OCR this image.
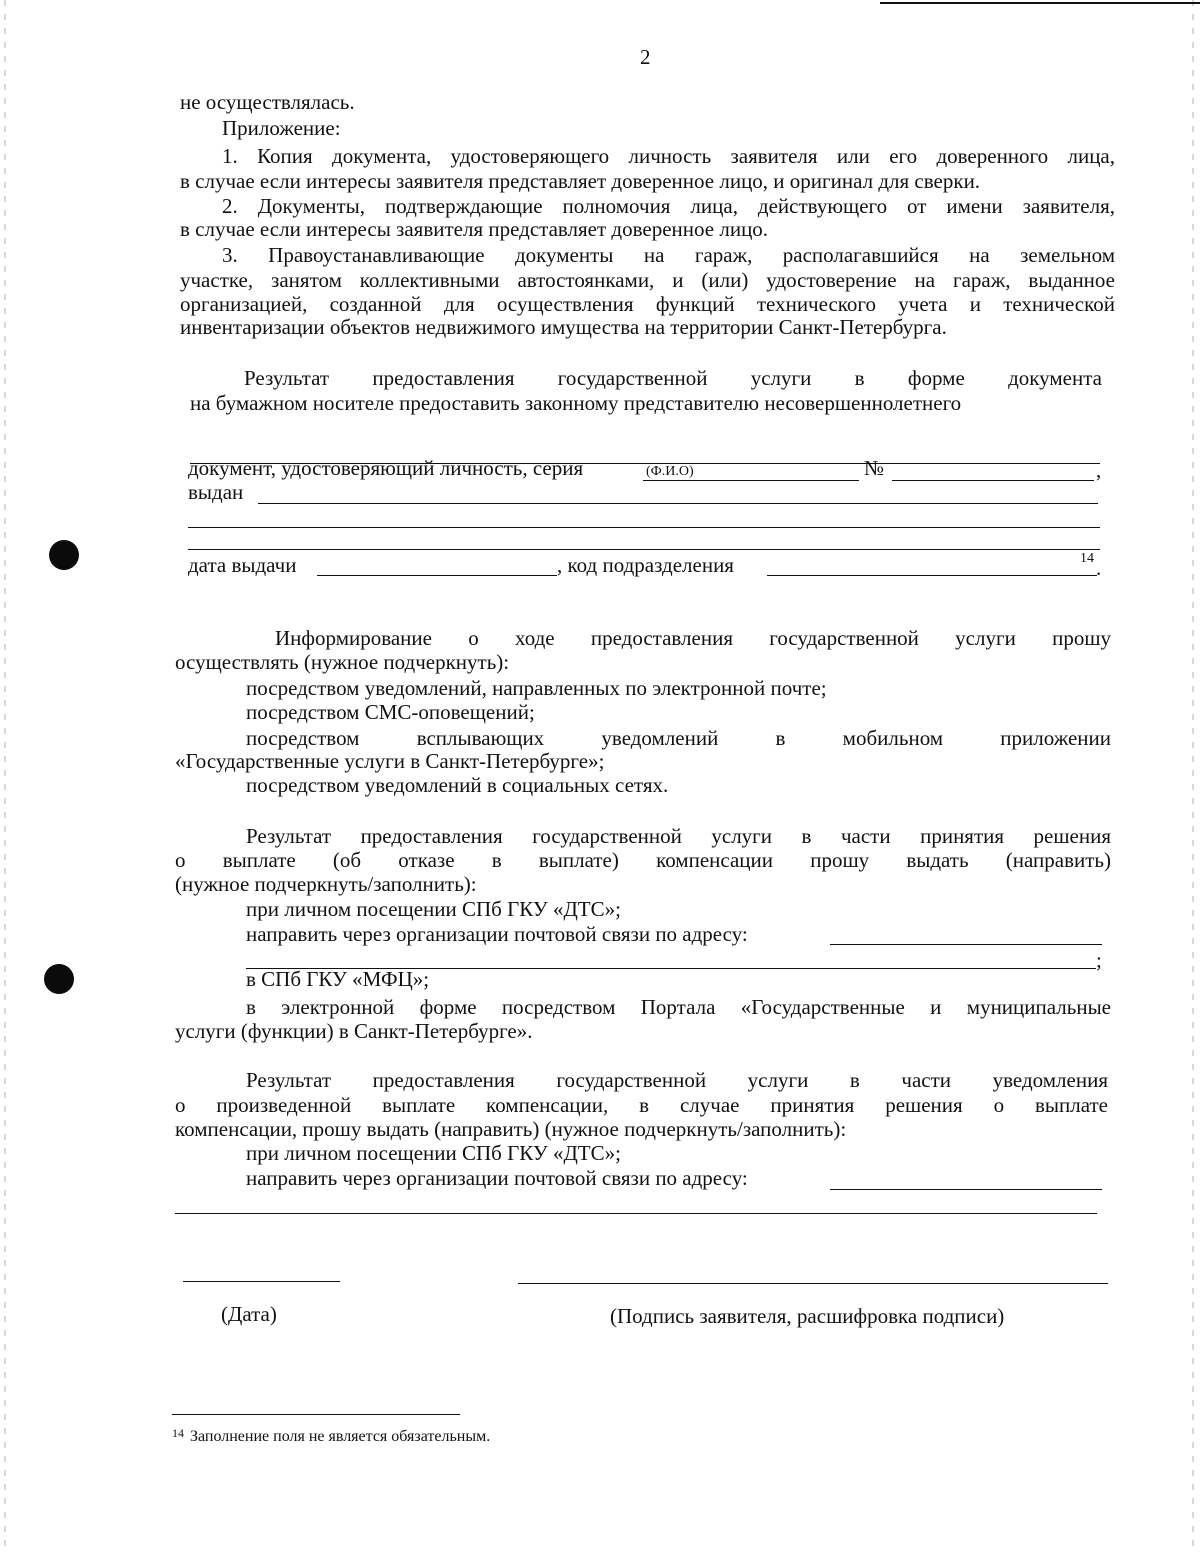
2
не осуществлялась.
Приложение:
1. Копия документа, удостоверяющего личность заявителя или его доверенного лица,
в случае если интересы заявителя представляет доверенное лицо, и оригинал для сверки.
2. Документы, подтверждающие полномочия лица, действующего от имени заявителя,
в случае если интересы заявителя представляет доверенное лицо.
3. Правоустанавливающие документы на гараж, располагавшийся на земельном
участке, занятом коллективными автостоянками, и (или) удостоверение на гараж, выданное
организацией, созданной для осуществления функций технического учета и технической
инвентаризации объектов недвижимого имущества на территории Санкт-Петербурга.
Результат предоставления государственной услуги в форме документа
на бумажном носителе предоставить законному представителю несовершеннолетнего
(Ф.И.О)
документ, удостоверяющий личность, серия	№	,
выдан
дата выдачи	, код подразделения	14 .
Информирование о ходе предоставления государственной услуги прошу
осуществлять (нужное подчеркнуть):
посредством уведомлений, направленных по электронной почте;
посредством СМС-оповещений;
посредством всплывающих уведомлений в мобильном приложении
«Государственные услуги в Санкт-Петербурге»;
посредством уведомлений в социальных сетях.
Результат предоставления государственной услуги в части принятия решения
о выплате (об отказе в выплате) компенсации прошу выдать (направить)
(нужное подчеркнуть/заполнить):
при личном посещении СПб ГКУ «ДТС»;
направить через организации почтовой связи по адресу:
;
в СПб ГКУ «МФЦ»;
в электронной форме посредством Портала «Государственные и муниципальные
услуги (функции) в Санкт-Петербурге».
Результат предоставления государственной услуги в части уведомления
о произведенной выплате компенсации, в случае принятия решения о выплате
компенсации, прошу выдать (направить) (нужное подчеркнуть/заполнить):
при личном посещении СПб ГКУ «ДТС»;
направить через организации почтовой связи по адресу:
(Дата)	(Подпись заявителя, расшифровка подписи)
14 Заполнение поля не является обязательным.
